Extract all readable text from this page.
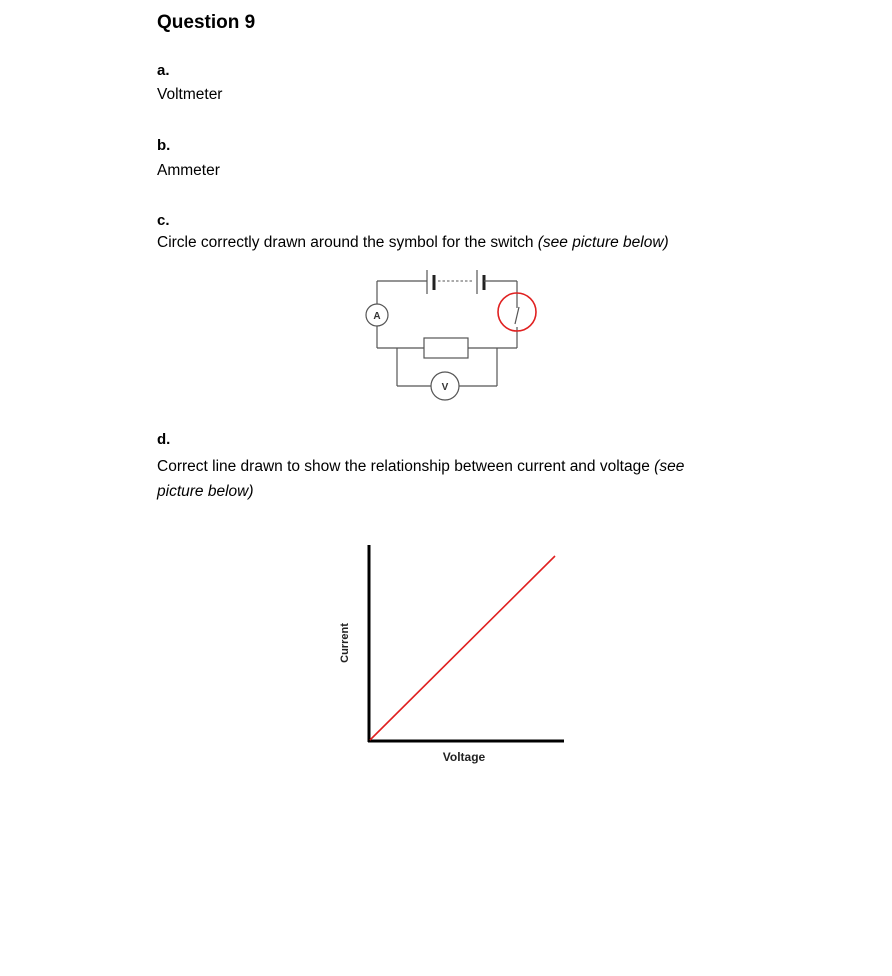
Question 9
a.
Voltmeter
b.
Ammeter
c.
Circle correctly drawn around the symbol for the switch (see picture below)
A
V
d.
Correct line drawn to show the relationship between current and voltage (see
picture below)
Voltage
Current
